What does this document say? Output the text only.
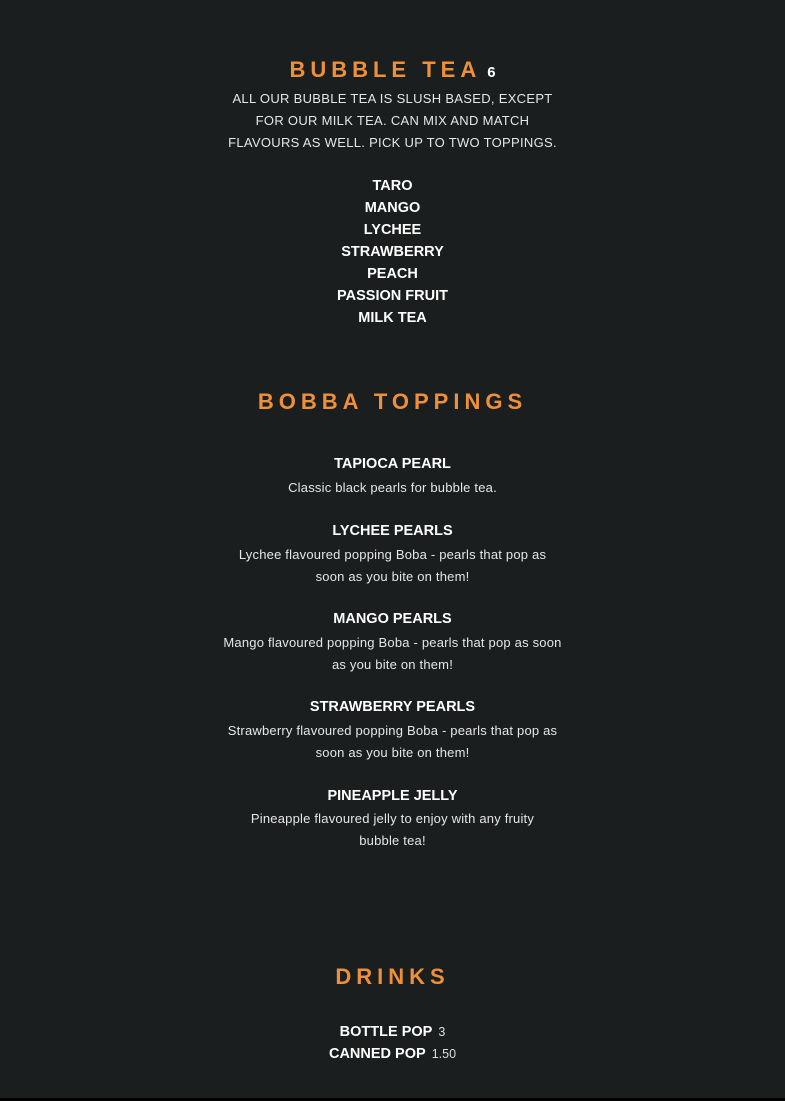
BUBBLE TEA 6
ALL OUR BUBBLE TEA IS SLUSH BASED, EXCEPT FOR OUR MILK TEA. CAN MIX AND MATCH FLAVOURS AS WELL. PICK UP TO TWO TOPPINGS.
TARO
MANGO
LYCHEE
STRAWBERRY
PEACH
PASSION FRUIT
MILK TEA
BOBBA TOPPINGS
TAPIOCA PEARL
Classic black pearls for bubble tea.
LYCHEE PEARLS
Lychee flavoured popping Boba - pearls that pop as soon as you bite on them!
MANGO PEARLS
Mango flavoured popping Boba - pearls that pop as soon as you bite on them!
STRAWBERRY PEARLS
Strawberry flavoured popping Boba - pearls that pop as soon as you bite on them!
PINEAPPLE JELLY
Pineapple flavoured jelly to enjoy with any fruity bubble tea!
DRINKS
BOTTLE POP 3
CANNED POP 1.50
